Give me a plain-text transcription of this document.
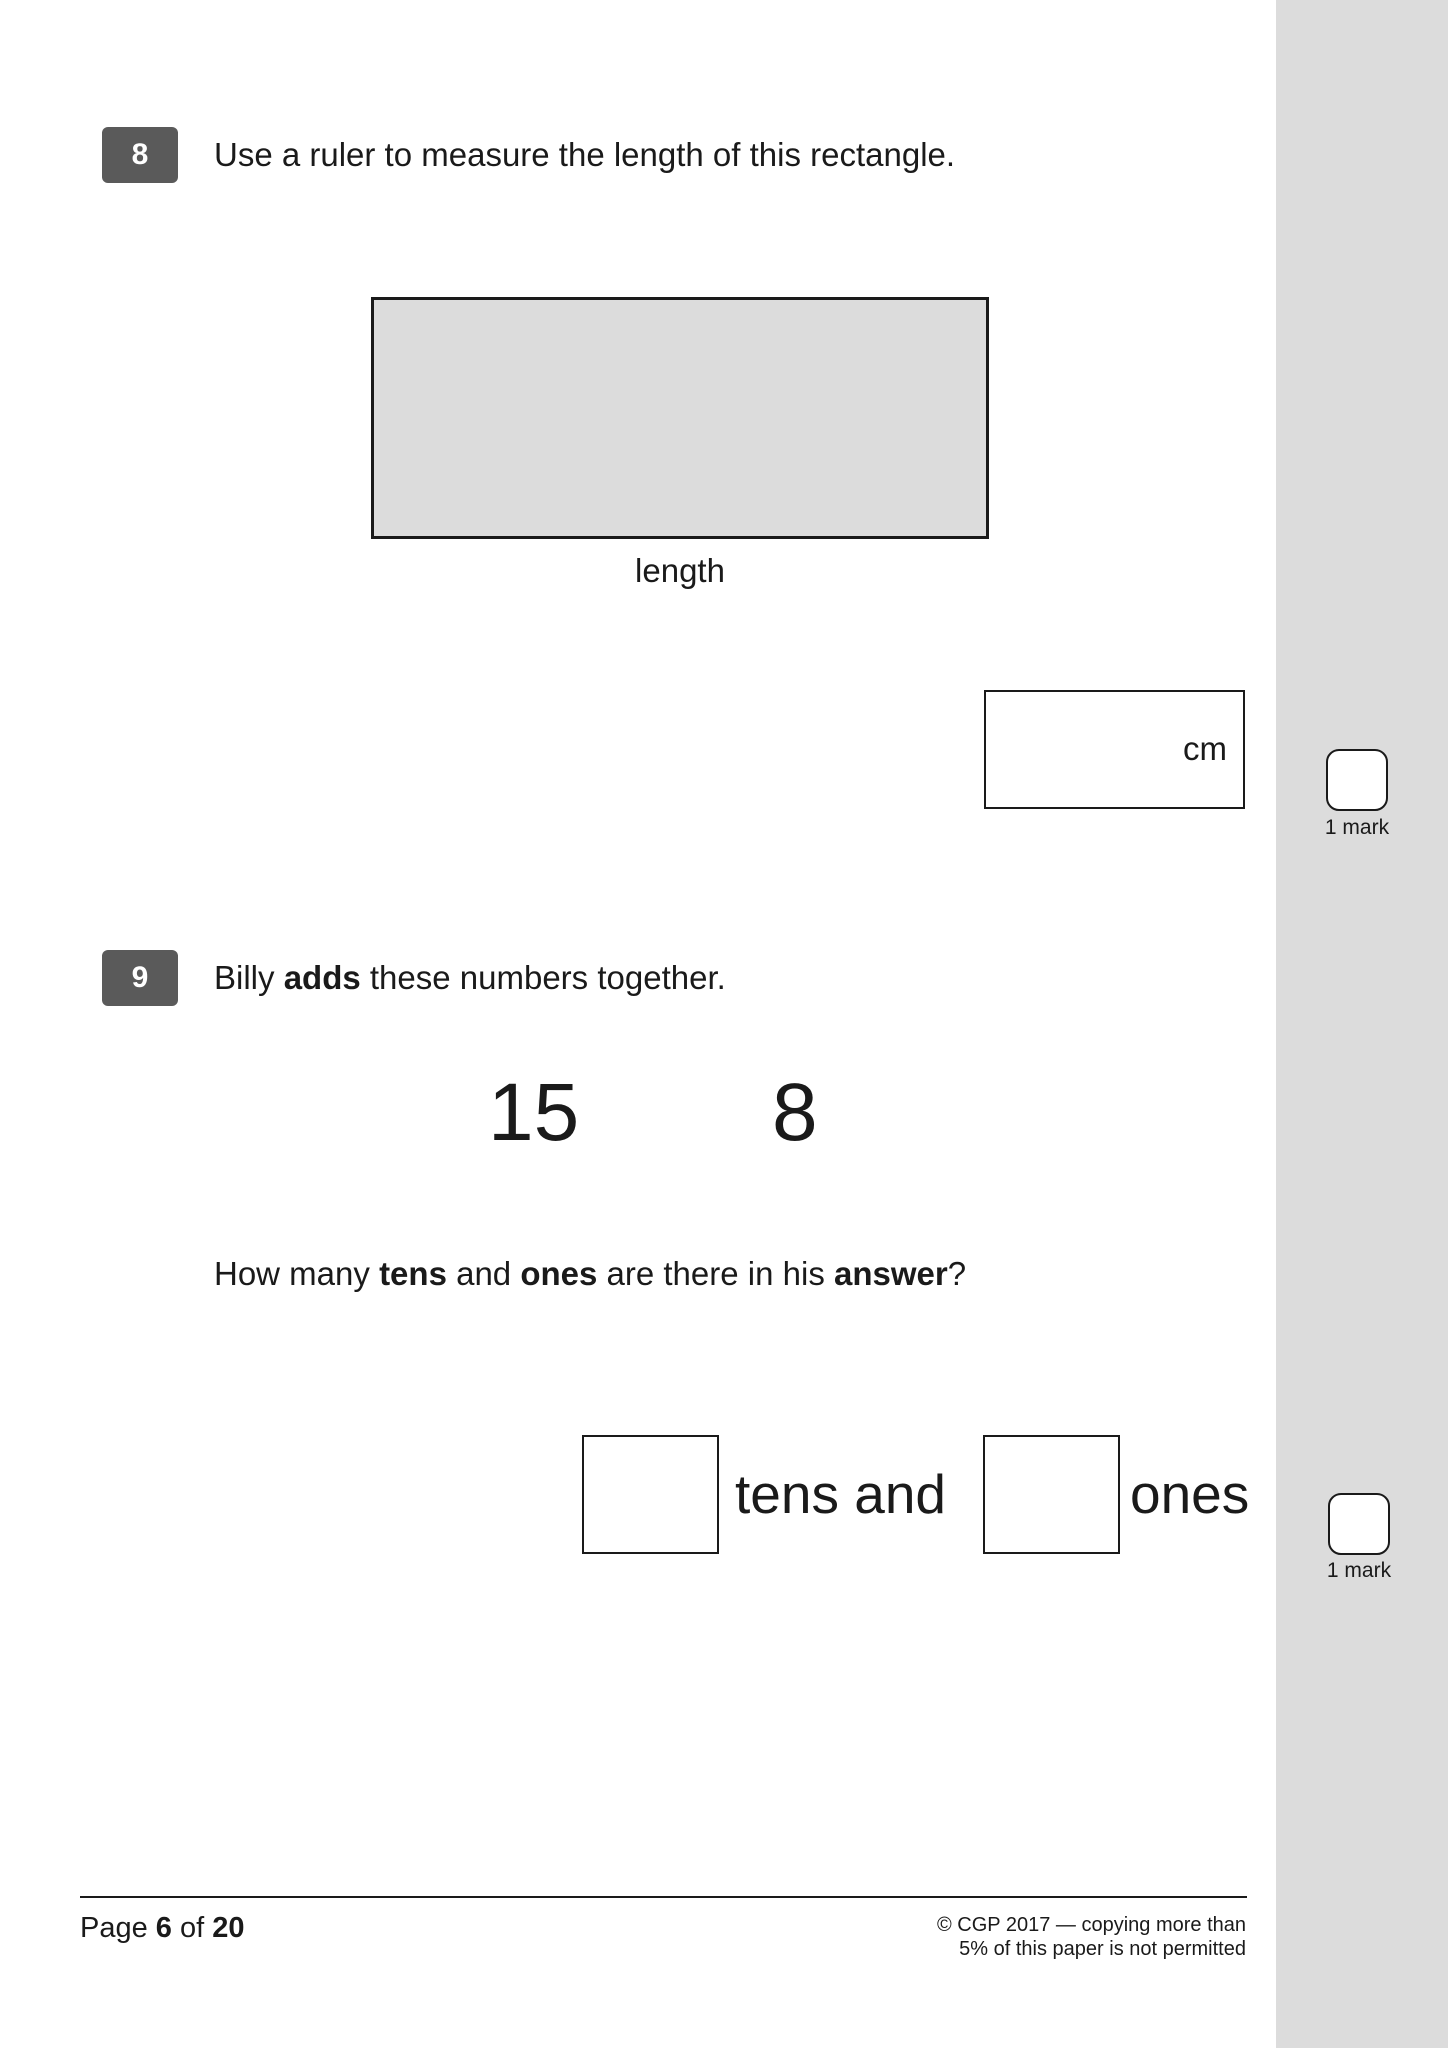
8	Use a ruler to measure the length of this rectangle.
length
cm
1 mark
9	Billy adds these numbers together.
15 8
How many tens and ones are there in his answer?
tens and	ones
1 mark
Page 6 of 20	© CGP 2017 — copying more than
5% of this paper is not permitted
